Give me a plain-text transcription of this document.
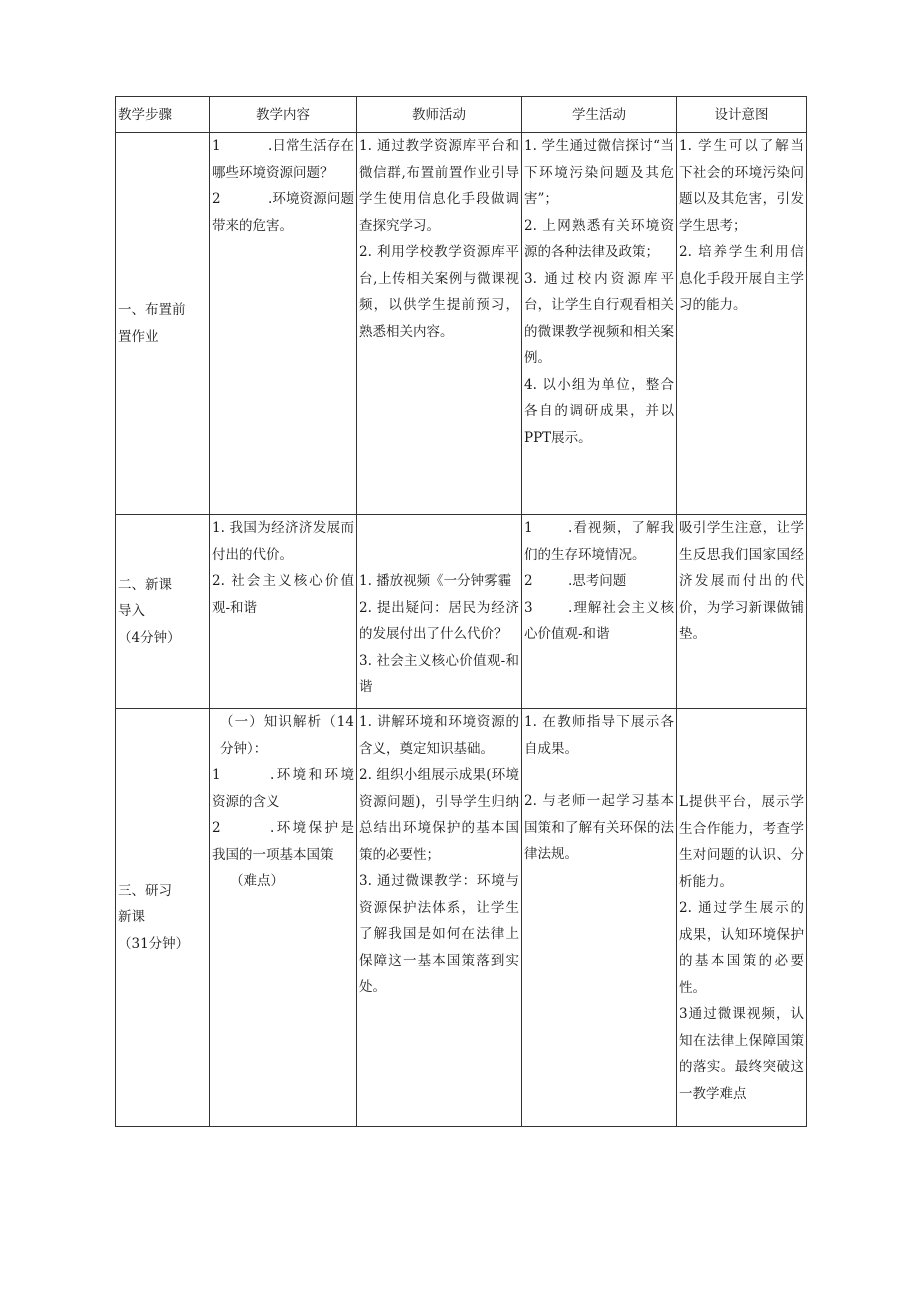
教学步骤	教学内容	教师活动	学生活动	设计意图

一、布置前
置作业	1 .日常生活存在哪些环境资源问题？
2 .环境资源问题带来的危害。	1. 通过教学资源库平台和微信群,布置前置作业引导学生使用信息化手段做调查探究学习。
2. 利用学校教学资源库平台,上传相关案例与微课视频，以供学生提前预习，熟悉相关内容。	1. 学生通过微信探讨“当下环境污染问题及其危害”；
2. 上网熟悉有关环境资源的各种法律及政策；
3. 通过校内资源库平台，让学生自行观看相关的微课教学视频和相关案例。
4. 以小组为单位，整合各自的调研成果，并以PPT展示。	1. 学生可以了解当下社会的环境污染问题以及其危害，引发学生思考；
2. 培养学生利用信息化手段开展自主学习的能力。

二、新课
导入
（4分钟）	1. 我国为经济济发展而付出的代价。
2. 社会主义核心价值观-和谐	1. 播放视频《一分钟雾霾
2. 提出疑问：居民为经济的发展付出了什么代价？
3. 社会主义核心价值观-和谐	1 .看视频，了解我们的生存环境情况。
2 .思考问题
3 .理解社会主义核心价值观-和谐	吸引学生注意，让学生反思我们国家国经济发展而付出的代价，为学习新课做铺垫。

三、研习
新课
（31分钟）	（一）知识解析（14分钟）：
1 .环境和环境资源的含义
2 .环境保护是我国的一项基本国策
（难点）	1. 讲解环境和环境资源的含义，奠定知识基础。
2. 组织小组展示成果(环境资源问题)，引导学生归纳总结出环境保护的基本国策的必要性；
3. 通过微课教学：环境与资源保护法体系，让学生了解我国是如何在法律上保障这一基本国策落到实处。	1. 在教师指导下展示各自成果。
2. 与老师一起学习基本国策和了解有关环保的法律法规。	L提供平台，展示学生合作能力，考查学生对问题的认识、分析能力。
2. 通过学生展示的成果，认知环境保护的基本国策的必要性。
3通过微课视频，认知在法律上保障国策的落实。最终突破这一教学难点
